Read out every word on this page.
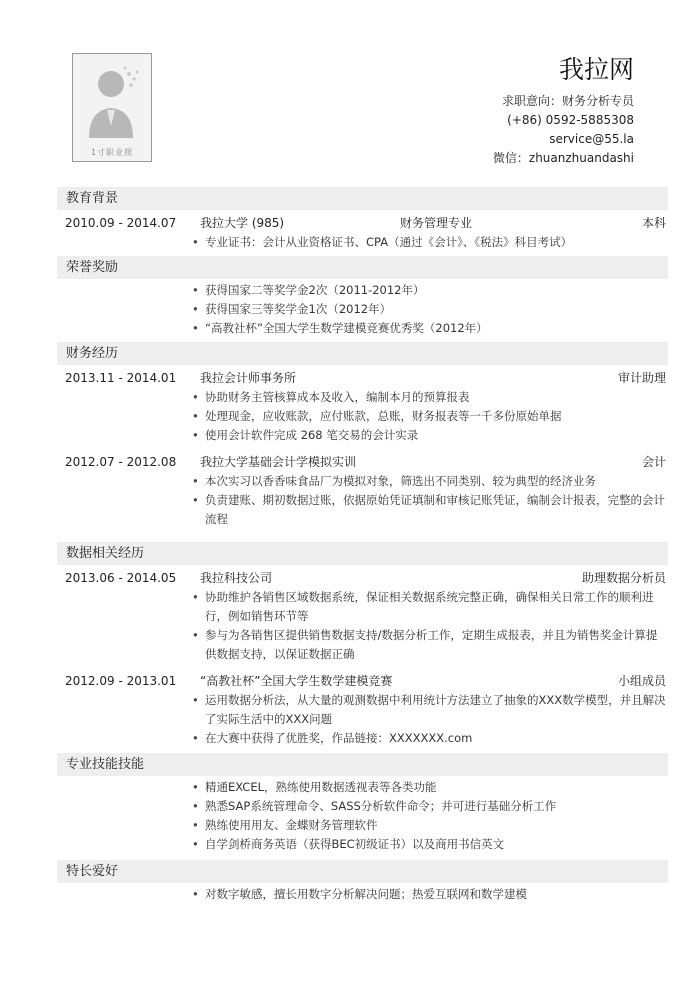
1寸职业照
我拉网
求职意向：财务分析专员
(+86) 0592-5885308
service@55.la
微信：zhuanzhuandashi
教育背景
2010.09 - 2014.07 我拉大学 (985)	财务管理专业	本科
• 专业证书：会计从业资格证书、CPA（通过《会计》、《税法》科目考试）
荣誉奖励
• 获得国家二等奖学金2次（2011-2012年）
• 获得国家三等奖学金1次（2012年）
• “高教社杯”全国大学生数学建模竞赛优秀奖（2012年）
财务经历
2013.11 - 2014.01 我拉会计师事务所	审计助理
• 协助财务主管核算成本及收入，编制本月的预算报表
• 处理现金，应收账款，应付账款，总账，财务报表等一千多份原始单据
• 使用会计软件完成 268 笔交易的会计实录
2012.07 - 2012.08 我拉大学基础会计学模拟实训	会计
• 本次实习以香香味食品厂为模拟对象，筛选出不同类别、较为典型的经济业务
• 负责建账、期初数据过账，依据原始凭证填制和审核记账凭证，编制会计报表，完整的会计流程
数据相关经历
2013.06 - 2014.05 我拉科技公司	助理数据分析员
• 协助维护各销售区域数据系统，保证相关数据系统完整正确，确保相关日常工作的顺利进行，例如销售环节等
• 参与为各销售区提供销售数据支持/数据分析工作，定期生成报表，并且为销售奖金计算提供数据支持，以保证数据正确
2012.09 - 2013.01 “高教社杯”全国大学生数学建模竞赛	小组成员
• 运用数据分析法，从大量的观测数据中利用统计方法建立了抽象的XXX数学模型，并且解决了实际生活中的XXX问题
• 在大赛中获得了优胜奖，作品链接：XXXXXXX.com
专业技能技能
• 精通EXCEL，熟练使用数据透视表等各类功能
• 熟悉SAP系统管理命令、SASS分析软件命令；并可进行基础分析工作
• 熟练使用用友、金蝶财务管理软件
• 自学剑桥商务英语（获得BEC初级证书）以及商用书信英文
特长爱好
• 对数字敏感，擅长用数字分析解决问题；热爱互联网和数学建模
